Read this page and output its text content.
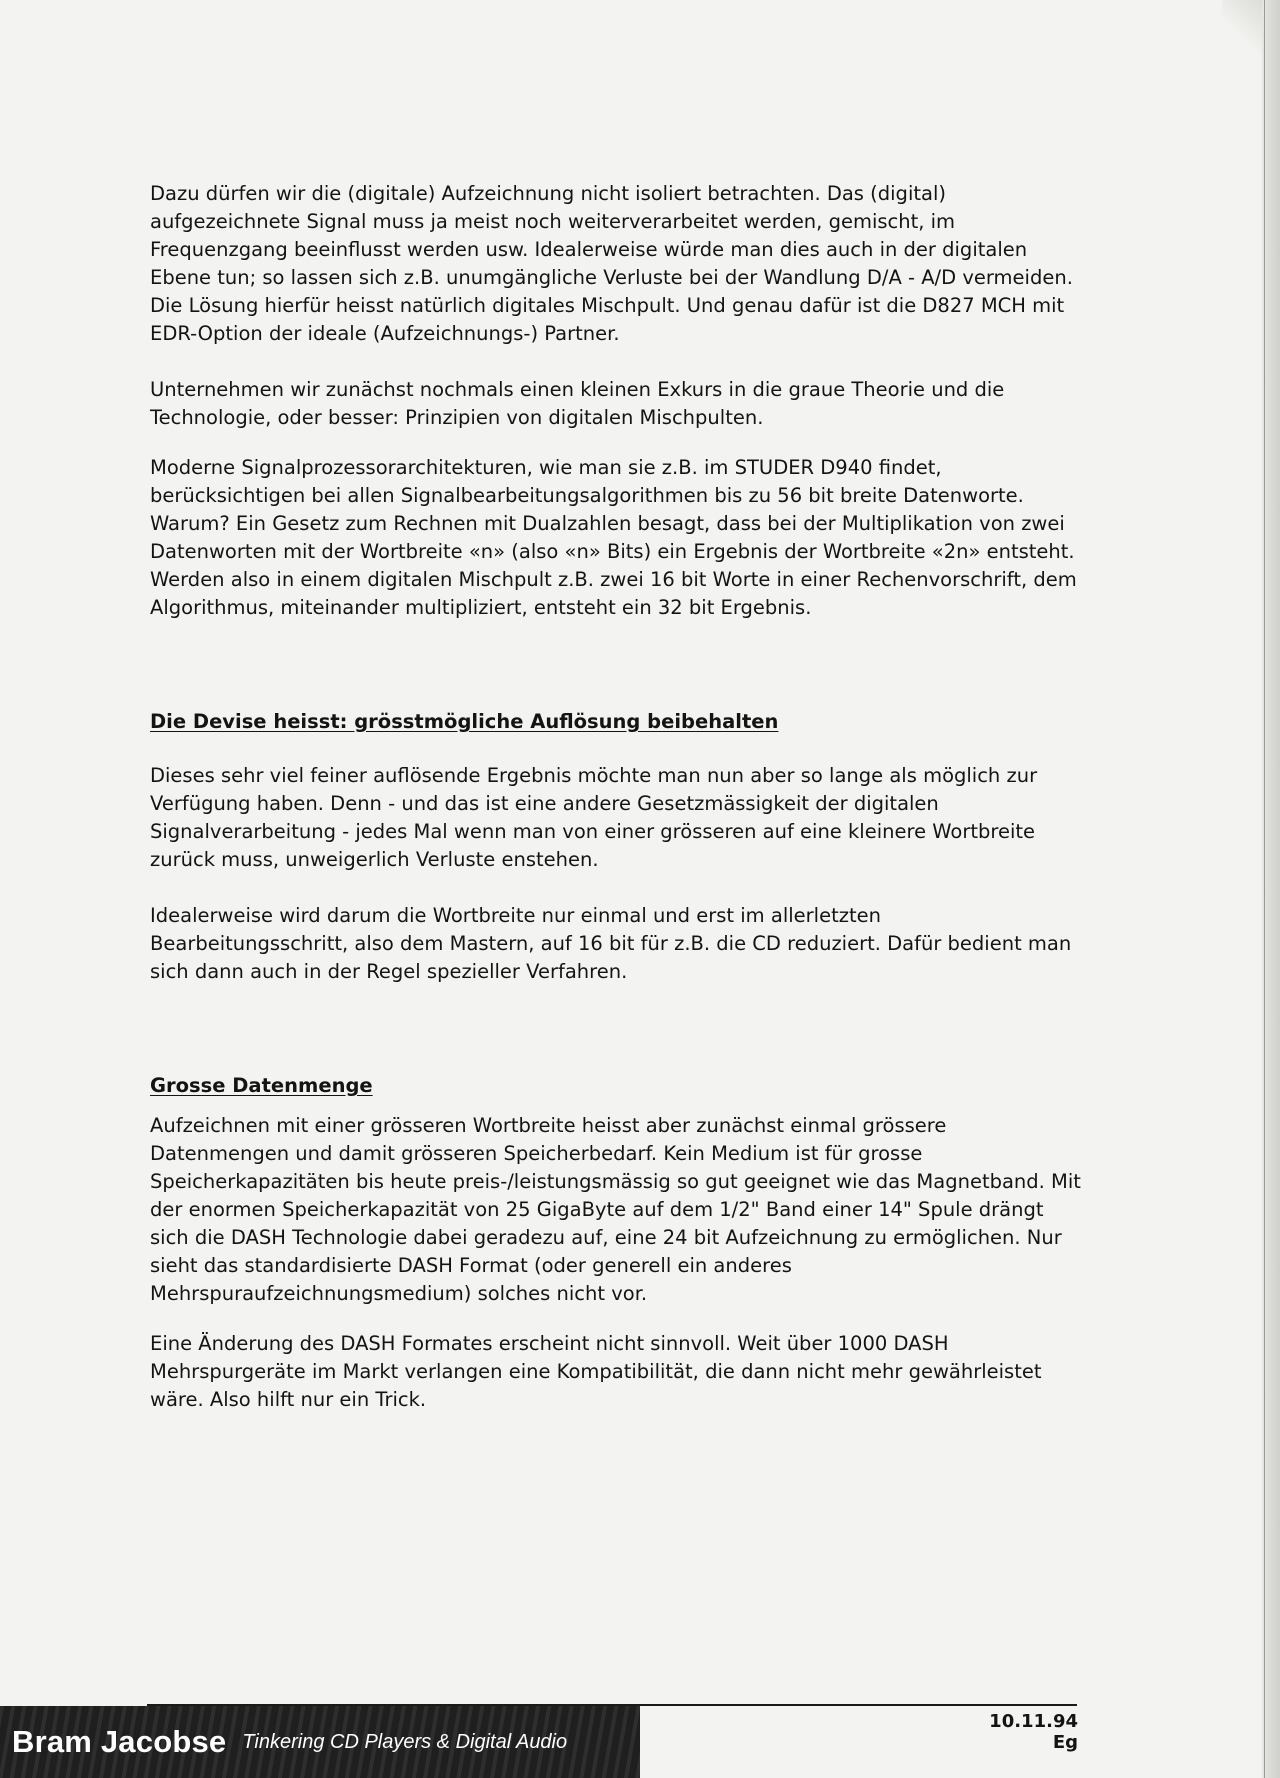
Dazu dürfen wir die (digitale) Aufzeichnung nicht isoliert betrachten. Das (digital) aufgezeichnete Signal muss ja meist noch weiterverarbeitet werden, gemischt, im Frequenzgang beeinflusst werden usw. Idealerweise würde man dies auch in der digitalen Ebene tun; so lassen sich z.B. unumgängliche Verluste bei der Wandlung D/A - A/D vermeiden. Die Lösung hierfür heisst natürlich digitales Mischpult. Und genau dafür ist die D827 MCH mit EDR-Option der ideale (Aufzeichnungs-) Partner.

Unternehmen wir zunächst nochmals einen kleinen Exkurs in die graue Theorie und die Technologie, oder besser: Prinzipien von digitalen Mischpulten.

Moderne Signalprozessorarchitekturen, wie man sie z.B. im STUDER D940 findet, berücksichtigen bei allen Signalbearbeitungsalgorithmen bis zu 56 bit breite Datenworte. Warum? Ein Gesetz zum Rechnen mit Dualzahlen besagt, dass bei der Multiplikation von zwei Datenworten mit der Wortbreite «n» (also «n» Bits) ein Ergebnis der Wortbreite «2n» entsteht. Werden also in einem digitalen Mischpult z.B. zwei 16 bit Worte in einer Rechenvorschrift, dem Algorithmus, miteinander multipliziert, entsteht ein 32 bit Ergebnis.

Die Devise heisst: grösstmögliche Auflösung beibehalten

Dieses sehr viel feiner auflösende Ergebnis möchte man nun aber so lange als möglich zur Verfügung haben. Denn - und das ist eine andere Gesetzmässigkeit der digitalen Signalverarbeitung - jedes Mal wenn man von einer grösseren auf eine kleinere Wortbreite zurück muss, unweigerlich Verluste enstehen.

Idealerweise wird darum die Wortbreite nur einmal und erst im allerletzten Bearbeitungsschritt, also dem Mastern, auf 16 bit für z.B. die CD reduziert. Dafür bedient man sich dann auch in der Regel spezieller Verfahren.

Grosse Datenmenge

Aufzeichnen mit einer grösseren Wortbreite heisst aber zunächst einmal grössere Datenmengen und damit grösseren Speicherbedarf. Kein Medium ist für grosse Speicherkapazitäten bis heute preis-/leistungsmässig so gut geeignet wie das Magnetband. Mit der enormen Speicherkapazität von 25 GigaByte auf dem 1/2" Band einer 14" Spule drängt sich die DASH Technologie dabei geradezu auf, eine 24 bit Aufzeichnung zu ermöglichen. Nur sieht das standardisierte DASH Format (oder generell ein anderes Mehrspuraufzeichnungsmedium) solches nicht vor.

Eine Änderung des DASH Formates erscheint nicht sinnvoll. Weit über 1000 DASH Mehrspurgeräte im Markt verlangen eine Kompatibilität, die dann nicht mehr gewährleistet wäre. Also hilft nur ein Trick.

10.11.94 Eg
Bram Jacobse Tinkering CD Players & Digital Audio
